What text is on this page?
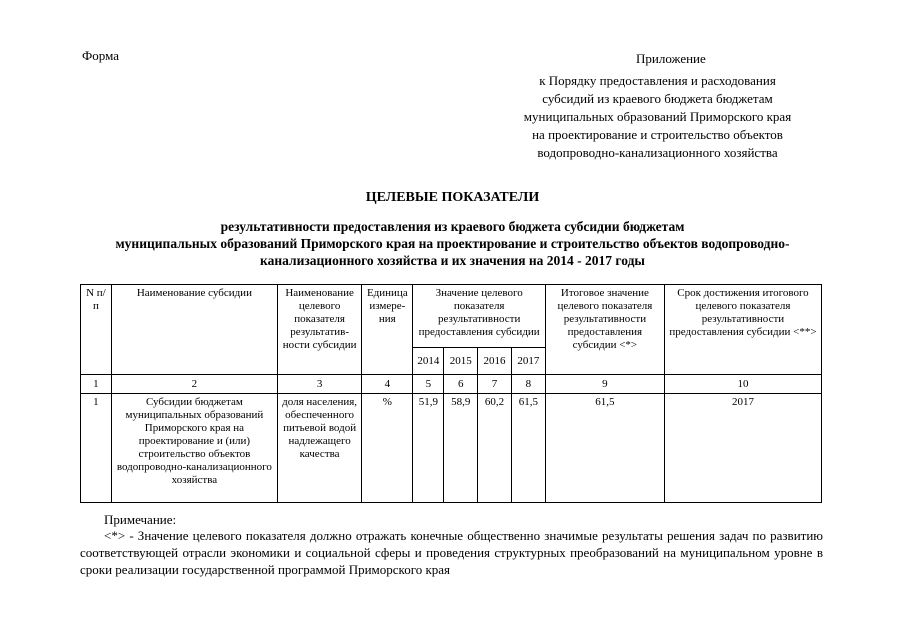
Форма	Приложение
к Порядку предоставления и расходования
субсидий из краевого бюджета бюджетам
муниципальных образований Приморского края
на проектирование и строительство объектов
водопроводно-канализационного хозяйства
ЦЕЛЕВЫЕ ПОКАЗАТЕЛИ
результативности предоставления из краевого бюджета субсидии бюджетам
муниципальных образований Приморского края на проектирование и строительство объектов водопроводно-
канализационного хозяйства и их значения на 2014 - 2017 годы
N п/п	Наименование субсидии	Наименование целевого показателя результатив-ности субсидии	Единица измере-ния	Значение целевого показателя результативности предоставления субсидии				Итоговое значение целевого показателя результативности предоставления субсидии <*>	Срок достижения итогового целевого показателя результативности предоставления субсидии <**>
				2014	2015	2016	2017		
1	2	3	4	5	6	7	8	9	10
1	Субсидии бюджетам муниципальных образований Приморского края на проектирование и (или) строительство объектов водопроводно-канализационного хозяйства	доля населения, обеспеченного питьевой водой надлежащего качества	%	51,9	58,9	60,2	61,5	61,5	2017
Примечание:
<*> - Значение целевого показателя должно отражать конечные общественно значимые результаты решения задач по развитию соответствующей отрасли экономики и социальной сферы и проведения структурных преобразований на муниципальном уровне в сроки реализации государственной программой Приморского края
